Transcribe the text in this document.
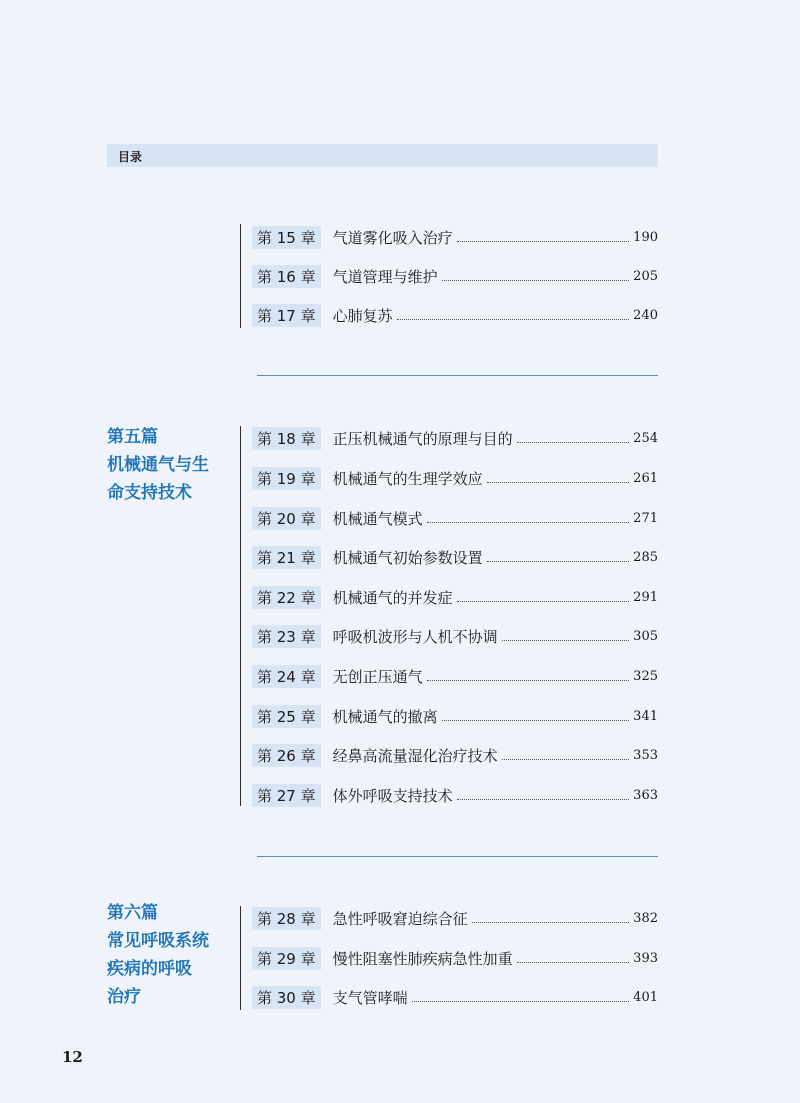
目录
第 15 章	气道雾化吸入治疗	190
第 16 章	气道管理与维护	205
第 17 章	心肺复苏	240
第五篇
机械通气与生
命支持技术
第 18 章	正压机械通气的原理与目的	254
第 19 章	机械通气的生理学效应	261
第 20 章	机械通气模式	271
第 21 章	机械通气初始参数设置	285
第 22 章	机械通气的并发症	291
第 23 章	呼吸机波形与人机不协调	305
第 24 章	无创正压通气	325
第 25 章	机械通气的撤离	341
第 26 章	经鼻高流量湿化治疗技术	353
第 27 章	体外呼吸支持技术	363
第六篇
常见呼吸系统
疾病的呼吸
治疗
第 28 章	急性呼吸窘迫综合征	382
第 29 章	慢性阻塞性肺疾病急性加重	393
第 30 章	支气管哮喘	401
12
